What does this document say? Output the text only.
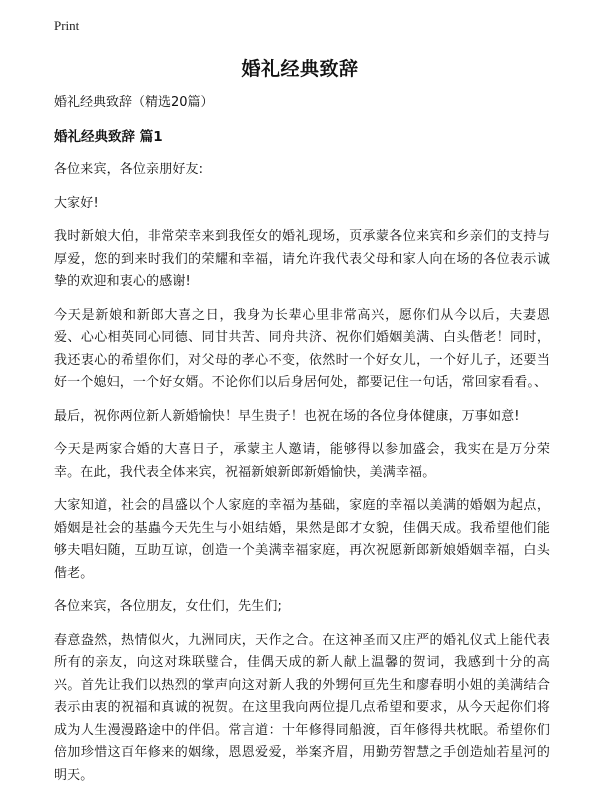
Print
婚礼经典致辞
婚礼经典致辞（精选20篇）
婚礼经典致辞 篇1

各位来宾，各位亲朋好友:

大家好!

我时新娘大伯，非常荣幸来到我侄女的婚礼现场，页承蒙各位来宾和乡亲们的支持与厚爱，您的到来时我们的荣耀和幸福，请允许我代表父母和家人向在场的各位表示诚挚的欢迎和衷心的感谢!

今天是新娘和新郎大喜之日，我身为长辈心里非常高兴，愿你们从今以后，夫妻恩爱、心心相英同心同德、同甘共苦、同舟共济、祝你们婚姻美满、白头偕老！同时，我还衷心的希望你们，对父母的孝心不变，依然时一个好女儿，一个好儿子，还要当好一个媳妇，一个好女婿。不论你们以后身居何处，都要记住一句话，常回家看看。、

最后，祝你两位新人新婚愉快！早生贵子！也祝在场的各位身体健康，万事如意!

今天是两家合婚的大喜日子，承蒙主人邀请，能够得以参加盛会，我实在是万分荣幸。在此，我代表全体来宾，祝福新娘新郎新婚愉快，美满幸福。

大家知道，社会的昌盛以个人家庭的幸福为基础，家庭的幸福以美满的婚姻为起点，婚姻是社会的基蟲今天先生与小姐结婚，果然是郎才女貌，佳偶天成。我希望他们能够夫唱妇随，互助互谅，创造一个美满幸福家庭，再次祝愿新郎新娘婚姻幸福，白头偕老。

各位来宾，各位朋友，女仕们，先生们;

春意盎然，热情似火，九洲同庆，天作之合。在这神圣而又庄严的婚礼仪式上能代表所有的亲友，向这对珠联璧合，佳偶天成的新人献上温馨的贺词，我感到十分的高兴。首先让我们以热烈的掌声向这对新人我的外甥何亘先生和廖春明小姐的美满结合表示由衷的祝福和真诚的祝贺。在这里我向两位提几点希望和要求，从今天起你们将成为人生漫漫路途中的伴侣。常言道：十年修得同船渡，百年修得共枕眠。希望你们倍加珍惜这百年修来的姻缘，恩恩爱爱，举案齐眉，用勤劳智慧之手创造灿若星河的明天。
